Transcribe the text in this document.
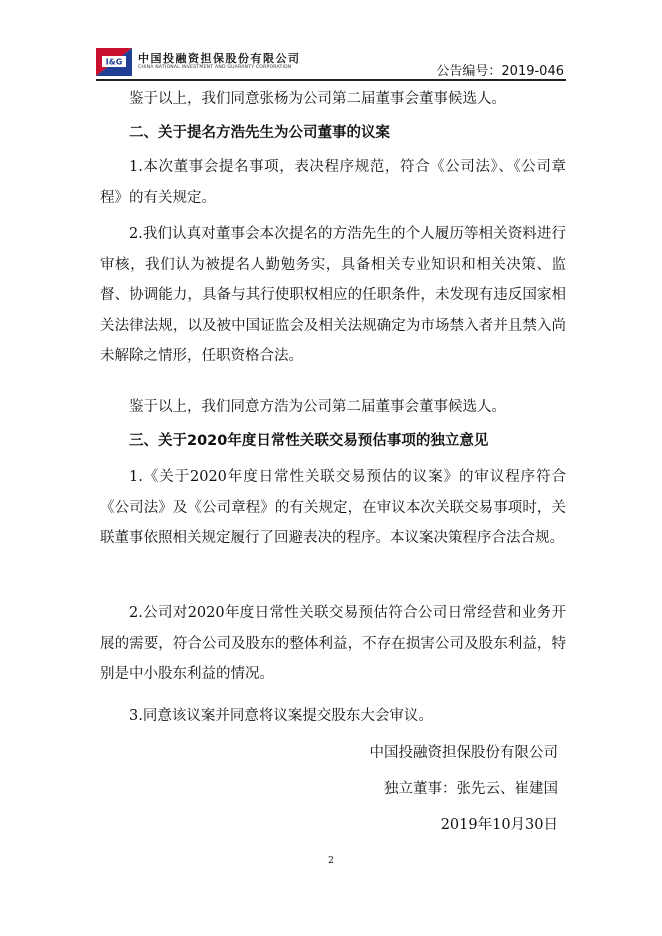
I&G 中国投融资担保股份有限公司
CHINA NATIONAL INVESTMENT AND GUARANTY CORPORATION	公告编号：2019-046

鉴于以上，我们同意张杨为公司第二届董事会董事候选人。

二、关于提名方浩先生为公司董事的议案

1.本次董事会提名事项，表决程序规范，符合《公司法》、《公司章程》的有关规定。

2.我们认真对董事会本次提名的方浩先生的个人履历等相关资料进行审核，我们认为被提名人勤勉务实，具备相关专业知识和相关决策、监督、协调能力，具备与其行使职权相应的任职条件，未发现有违反国家相关法律法规，以及被中国证监会及相关法规确定为市场禁入者并且禁入尚未解除之情形，任职资格合法。

鉴于以上，我们同意方浩为公司第二届董事会董事候选人。

三、关于2020年度日常性关联交易预估事项的独立意见

1.《关于2020年度日常性关联交易预估的议案》的审议程序符合《公司法》及《公司章程》的有关规定，在审议本次关联交易事项时，关联董事依照相关规定履行了回避表决的程序。本议案决策程序合法合规。

2.公司对2020年度日常性关联交易预估符合公司日常经营和业务开展的需要，符合公司及股东的整体利益，不存在损害公司及股东利益，特别是中小股东利益的情况。

3.同意该议案并同意将议案提交股东大会审议。

中国投融资担保股份有限公司
独立董事：张先云、崔建国
2019年10月30日
2
